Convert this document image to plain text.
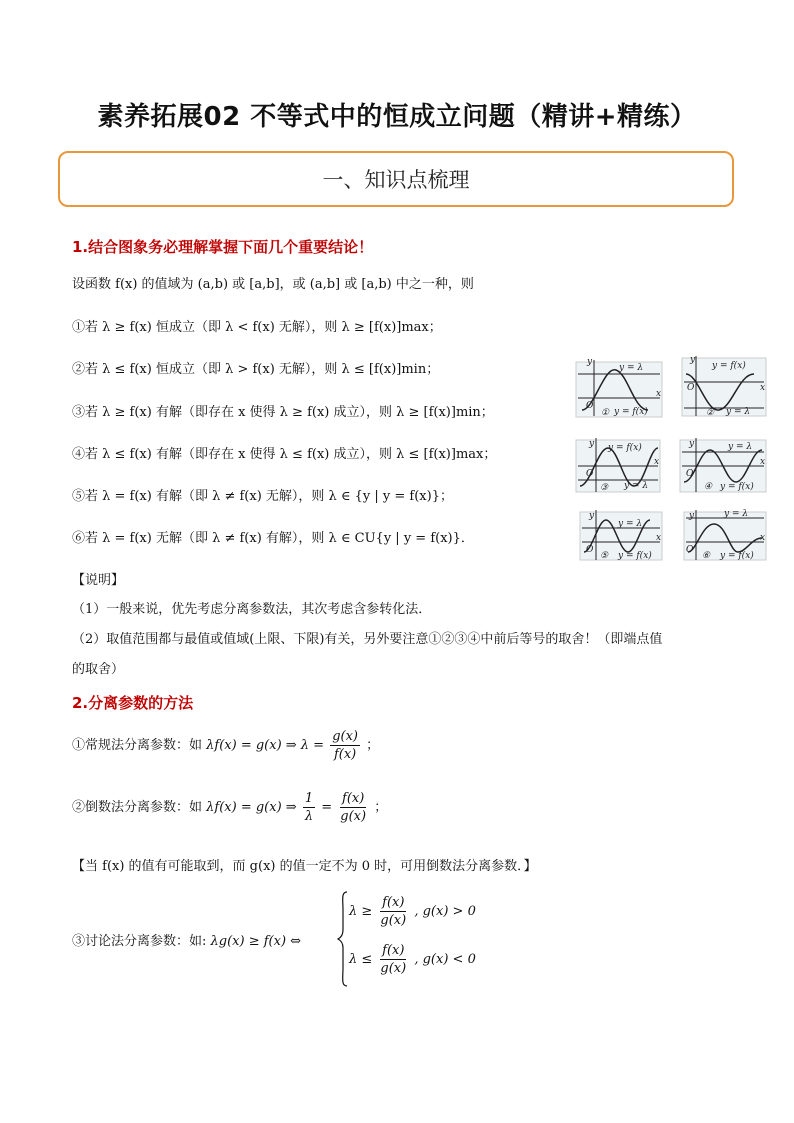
素养拓展02 不等式中的恒成立问题（精讲+精练）
一、知识点梳理
1.结合图象务必理解掌握下面几个重要结论！
设函数 f(x) 的值域为 (a,b) 或 [a,b]，或 (a,b] 或 [a,b) 中之一种，则
①若 λ ≥ f(x) 恒成立（即 λ < f(x) 无解），则 λ ≥ [f(x)]max；
②若 λ ≤ f(x) 恒成立（即 λ > f(x) 无解），则 λ ≤ [f(x)]min；
③若 λ ≥ f(x) 有解（即存在 x 使得 λ ≥ f(x) 成立），则 λ ≥ [f(x)]min；
④若 λ ≤ f(x) 有解（即存在 x 使得 λ ≤ f(x) 成立），则 λ ≤ [f(x)]max；
⑤若 λ = f(x) 有解（即 λ ≠ f(x) 无解），则 λ ∈ {y | y = f(x)}；
⑥若 λ = f(x) 无解（即 λ ≠ f(x) 有解），则 λ ∈ CU{y | y = f(x)}．
y = λ
y = f(x)
①
x
y
O
y = f(x)
y = λ
②
x
y
O
y = f(x)
y = λ
③
x
y
O
y = λ
y = f(x)
④
x
y
O
y = λ
y = f(x)
⑤
x
y
O
y = λ
y = f(x)
⑥
x
y
O
【说明】
（1）一般来说，优先考虑分离参数法，其次考虑含参转化法．
（2）取值范围都与最值或值域(上限、下限)有关，另外要注意①②③④中前后等号的取舍！（即端点值
的取舍）
2.分离参数的方法
①常规法分离参数：如 λf(x) = g(x) ⇒ $\lambda = \frac{g(x)}{f(x)}$ ；
②倒数法分离参数：如 λf(x) = g(x) ⇒ $\frac{1}{\lambda} = \frac{f(x)}{g(x)}$ ；
【当 f(x) 的值有可能取到，而 g(x) 的值一定不为 0 时，可用倒数法分离参数．】
③讨论法分离参数：如: λg(x) ≥ f(x) ⇔
$\lambda \ge \frac{f(x)}{g(x)}$ , g(x) > 0
$\lambda \le \frac{f(x)}{g(x)}$ , g(x) < 0
